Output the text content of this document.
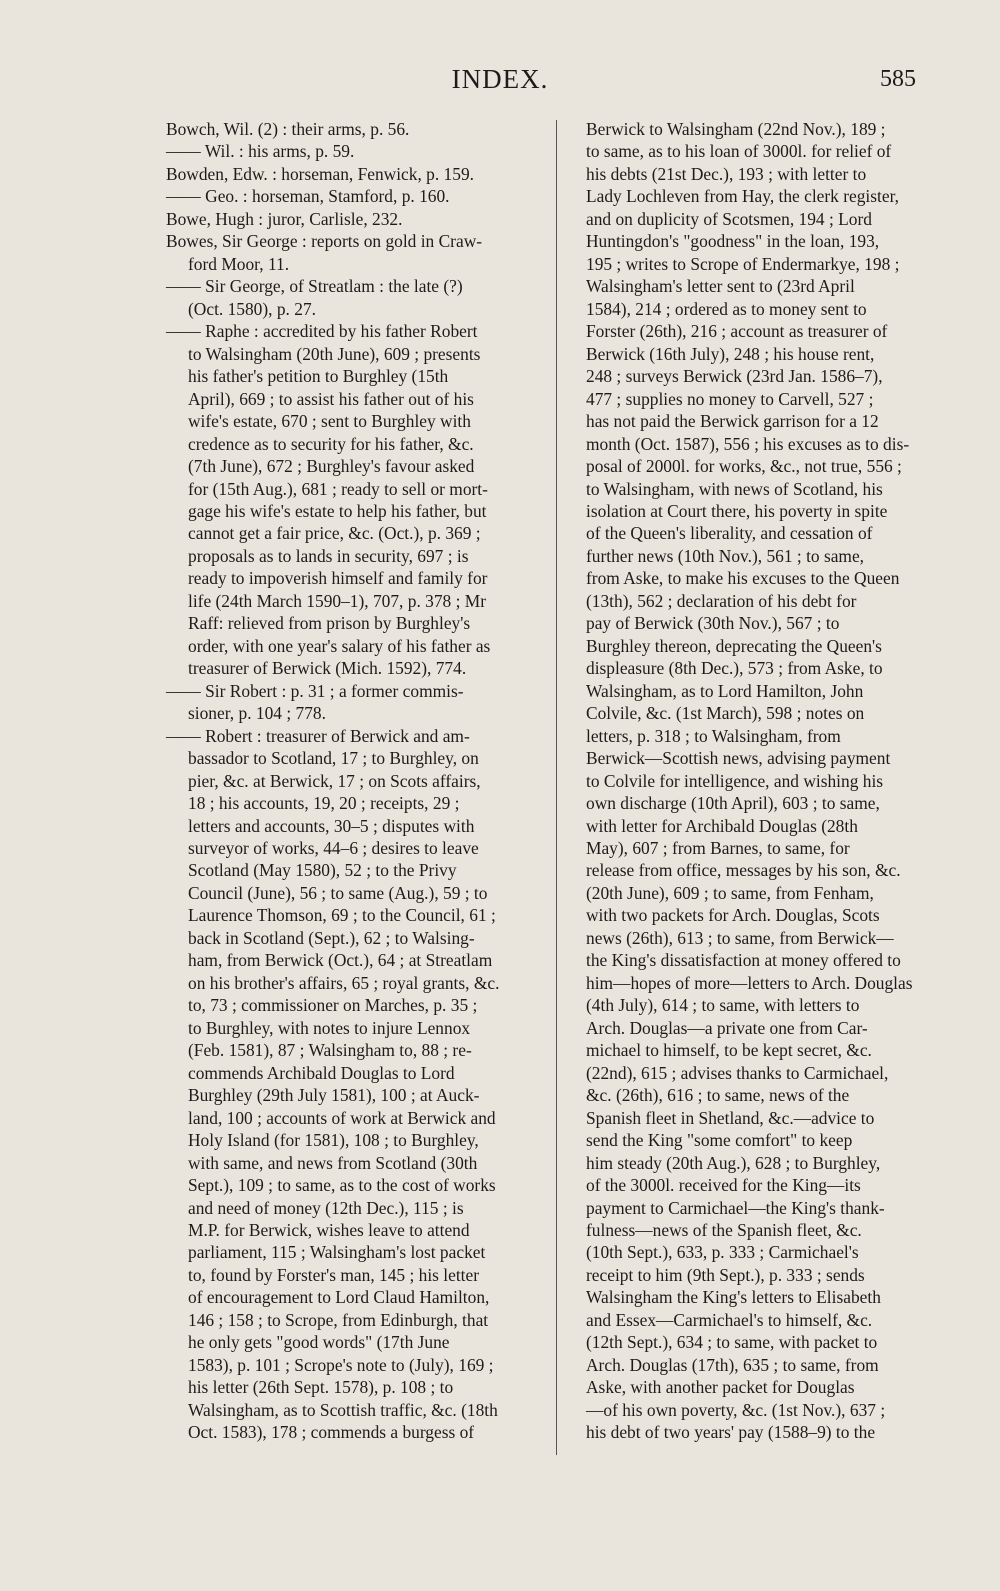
INDEX.	585
Bowch, Wil. (2) : their arms, p. 56.
—— Wil. : his arms, p. 59.
Bowden, Edw. : horseman, Fenwick, p. 159.
—— Geo. : horseman, Stamford, p. 160.
Bowe, Hugh : juror, Carlisle, 232.
Bowes, Sir George : reports on gold in Craw-
ford Moor, 11.
—— Sir George, of Streatlam : the late (?)
(Oct. 1580), p. 27.
—— Raphe : accredited by his father Robert
to Walsingham (20th June), 609 ; presents
his father's petition to Burghley (15th
April), 669 ; to assist his father out of his
wife's estate, 670 ; sent to Burghley with
credence as to security for his father, &c.
(7th June), 672 ; Burghley's favour asked
for (15th Aug.), 681 ; ready to sell or mort-
gage his wife's estate to help his father, but
cannot get a fair price, &c. (Oct.), p. 369 ;
proposals as to lands in security, 697 ; is
ready to impoverish himself and family for
life (24th March 1590–1), 707, p. 378 ; Mr
Raff: relieved from prison by Burghley's
order, with one year's salary of his father as
treasurer of Berwick (Mich. 1592), 774.
—— Sir Robert : p. 31 ; a former commis-
sioner, p. 104 ; 778.
—— Robert : treasurer of Berwick and am-
bassador to Scotland, 17 ; to Burghley, on
pier, &c. at Berwick, 17 ; on Scots affairs,
18 ; his accounts, 19, 20 ; receipts, 29 ;
letters and accounts, 30–5 ; disputes with
surveyor of works, 44–6 ; desires to leave
Scotland (May 1580), 52 ; to the Privy
Council (June), 56 ; to same (Aug.), 59 ; to
Laurence Thomson, 69 ; to the Council, 61 ;
back in Scotland (Sept.), 62 ; to Walsing-
ham, from Berwick (Oct.), 64 ; at Streatlam
on his brother's affairs, 65 ; royal grants, &c.
to, 73 ; commissioner on Marches, p. 35 ;
to Burghley, with notes to injure Lennox
(Feb. 1581), 87 ; Walsingham to, 88 ; re-
commends Archibald Douglas to Lord
Burghley (29th July 1581), 100 ; at Auck-
land, 100 ; accounts of work at Berwick and
Holy Island (for 1581), 108 ; to Burghley,
with same, and news from Scotland (30th
Sept.), 109 ; to same, as to the cost of works
and need of money (12th Dec.), 115 ; is
M.P. for Berwick, wishes leave to attend
parliament, 115 ; Walsingham's lost packet
to, found by Forster's man, 145 ; his letter
of encouragement to Lord Claud Hamilton,
146 ; 158 ; to Scrope, from Edinburgh, that
he only gets "good words" (17th June
1583), p. 101 ; Scrope's note to (July), 169 ;
his letter (26th Sept. 1578), p. 108 ; to
Walsingham, as to Scottish traffic, &c. (18th
Oct. 1583), 178 ; commends a burgess of
Berwick to Walsingham (22nd Nov.), 189 ;
to same, as to his loan of 3000l. for relief of
his debts (21st Dec.), 193 ; with letter to
Lady Lochleven from Hay, the clerk register,
and on duplicity of Scotsmen, 194 ; Lord
Huntingdon's "goodness" in the loan, 193,
195 ; writes to Scrope of Endermarkye, 198 ;
Walsingham's letter sent to (23rd April
1584), 214 ; ordered as to money sent to
Forster (26th), 216 ; account as treasurer of
Berwick (16th July), 248 ; his house rent,
248 ; surveys Berwick (23rd Jan. 1586–7),
477 ; supplies no money to Carvell, 527 ;
has not paid the Berwick garrison for a 12
month (Oct. 1587), 556 ; his excuses as to dis-
posal of 2000l. for works, &c., not true, 556 ;
to Walsingham, with news of Scotland, his
isolation at Court there, his poverty in spite
of the Queen's liberality, and cessation of
further news (10th Nov.), 561 ; to same,
from Aske, to make his excuses to the Queen
(13th), 562 ; declaration of his debt for
pay of Berwick (30th Nov.), 567 ; to
Burghley thereon, deprecating the Queen's
displeasure (8th Dec.), 573 ; from Aske, to
Walsingham, as to Lord Hamilton, John
Colvile, &c. (1st March), 598 ; notes on
letters, p. 318 ; to Walsingham, from
Berwick—Scottish news, advising payment
to Colvile for intelligence, and wishing his
own discharge (10th April), 603 ; to same,
with letter for Archibald Douglas (28th
May), 607 ; from Barnes, to same, for
release from office, messages by his son, &c.
(20th June), 609 ; to same, from Fenham,
with two packets for Arch. Douglas, Scots
news (26th), 613 ; to same, from Berwick—
the King's dissatisfaction at money offered to
him—hopes of more—letters to Arch. Douglas
(4th July), 614 ; to same, with letters to
Arch. Douglas—a private one from Car-
michael to himself, to be kept secret, &c.
(22nd), 615 ; advises thanks to Carmichael,
&c. (26th), 616 ; to same, news of the
Spanish fleet in Shetland, &c.—advice to
send the King "some comfort" to keep
him steady (20th Aug.), 628 ; to Burghley,
of the 3000l. received for the King—its
payment to Carmichael—the King's thank-
fulness—news of the Spanish fleet, &c.
(10th Sept.), 633, p. 333 ; Carmichael's
receipt to him (9th Sept.), p. 333 ; sends
Walsingham the King's letters to Elisabeth
and Essex—Carmichael's to himself, &c.
(12th Sept.), 634 ; to same, with packet to
Arch. Douglas (17th), 635 ; to same, from
Aske, with another packet for Douglas
—of his own poverty, &c. (1st Nov.), 637 ;
his debt of two years' pay (1588–9) to the
